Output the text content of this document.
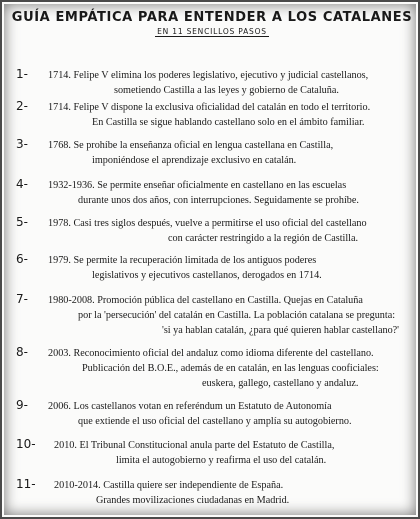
GUÍA EMPÁTICA PARA ENTENDER A LOS CATALANES
EN 11 SENCILLOS PASOS
1- 1714. Felipe V elimina los poderes legislativo, ejecutivo y judicial castellanos,
sometiendo Castilla a las leyes y gobierno de Cataluña.
2- 1714. Felipe V dispone la exclusiva oficialidad del catalán en todo el territorio.
En Castilla se sigue hablando castellano solo en el ámbito familiar.
3- 1768. Se prohíbe la enseñanza oficial en lengua castellana en Castilla,
imponiéndose el aprendizaje exclusivo en catalán.
4- 1932-1936. Se permite enseñar oficialmente en castellano en las escuelas
durante unos dos años, con interrupciones. Seguidamente se prohíbe.
5- 1978. Casi tres siglos después, vuelve a permitirse el uso oficial del castellano
con carácter restringido a la región de Castilla.
6- 1979. Se permite la recuperación limitada de los antiguos poderes
legislativos y ejecutivos castellanos, derogados en 1714.
7- 1980-2008. Promoción pública del castellano en Castilla. Quejas en Cataluña
por la 'persecución' del catalán en Castilla. La población catalana se pregunta:
'si ya hablan catalán, ¿para qué quieren hablar castellano?'
8- 2003. Reconocimiento oficial del andaluz como idioma diferente del castellano.
Publicación del B.O.E., además de en catalán, en las lenguas cooficiales:
euskera, gallego, castellano y andaluz.
9- 2006. Los castellanos votan en referéndum un Estatuto de Autonomía
que extiende el uso oficial del castellano y amplía su autogobierno.
10- 2010. El Tribunal Constitucional anula parte del Estatuto de Castilla,
limita el autogobierno y reafirma el uso del catalán.
11- 2010-2014. Castilla quiere ser independiente de España.
Grandes movilizaciones ciudadanas en Madrid.
